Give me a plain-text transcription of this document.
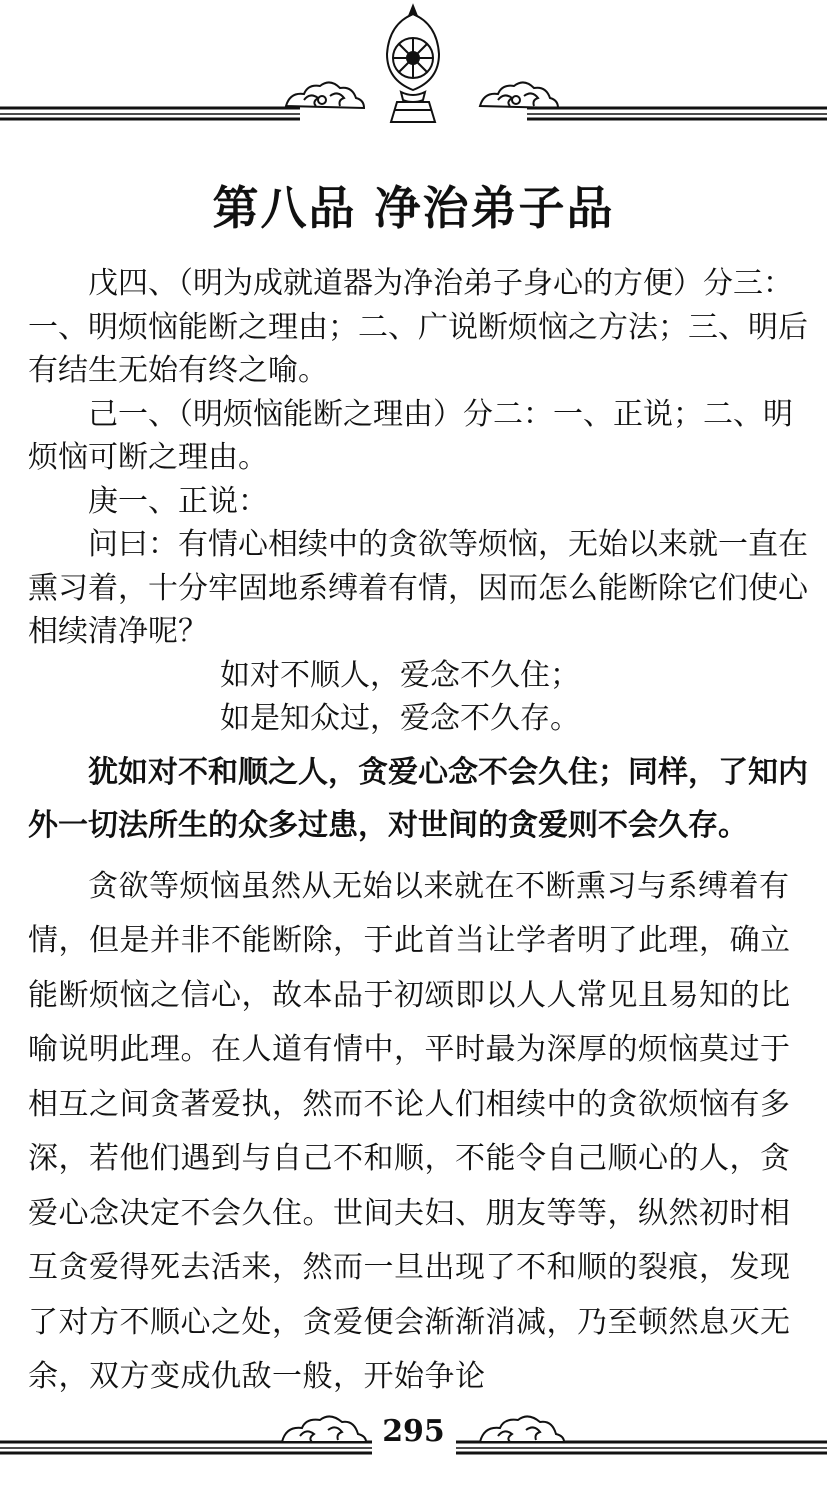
第八品 净治弟子品

戊四、（明为成就道器为净治弟子身心的方便）分三：一、明烦恼能断之理由；二、广说断烦恼之方法；三、明后有结生无始有终之喻。

己一、（明烦恼能断之理由）分二：一、正说；二、明烦恼可断之理由。

庚一、正说：

问曰：有情心相续中的贪欲等烦恼，无始以来就一直在熏习着，十分牢固地系缚着有情，因而怎么能断除它们使心相续清净呢？

如对不顺人，爱念不久住；

如是知众过，爱念不久存。

犹如对不和顺之人，贪爱心念不会久住；同样，了知内外一切法所生的众多过患，对世间的贪爱则不会久存。

贪欲等烦恼虽然从无始以来就在不断熏习与系缚着有情，但是并非不能断除，于此首当让学者明了此理，确立能断烦恼之信心，故本品于初颂即以人人常见且易知的比喻说明此理。在人道有情中，平时最为深厚的烦恼莫过于相互之间贪著爱执，然而不论人们相续中的贪欲烦恼有多深，若他们遇到与自己不和顺，不能令自己顺心的人，贪爱心念决定不会久住。世间夫妇、朋友等等，纵然初时相互贪爱得死去活来，然而一旦出现了不和顺的裂痕，发现了对方不顺心之处，贪爱便会渐渐消减，乃至顿然息灭无余，双方变成仇敌一般，开始争论

295
